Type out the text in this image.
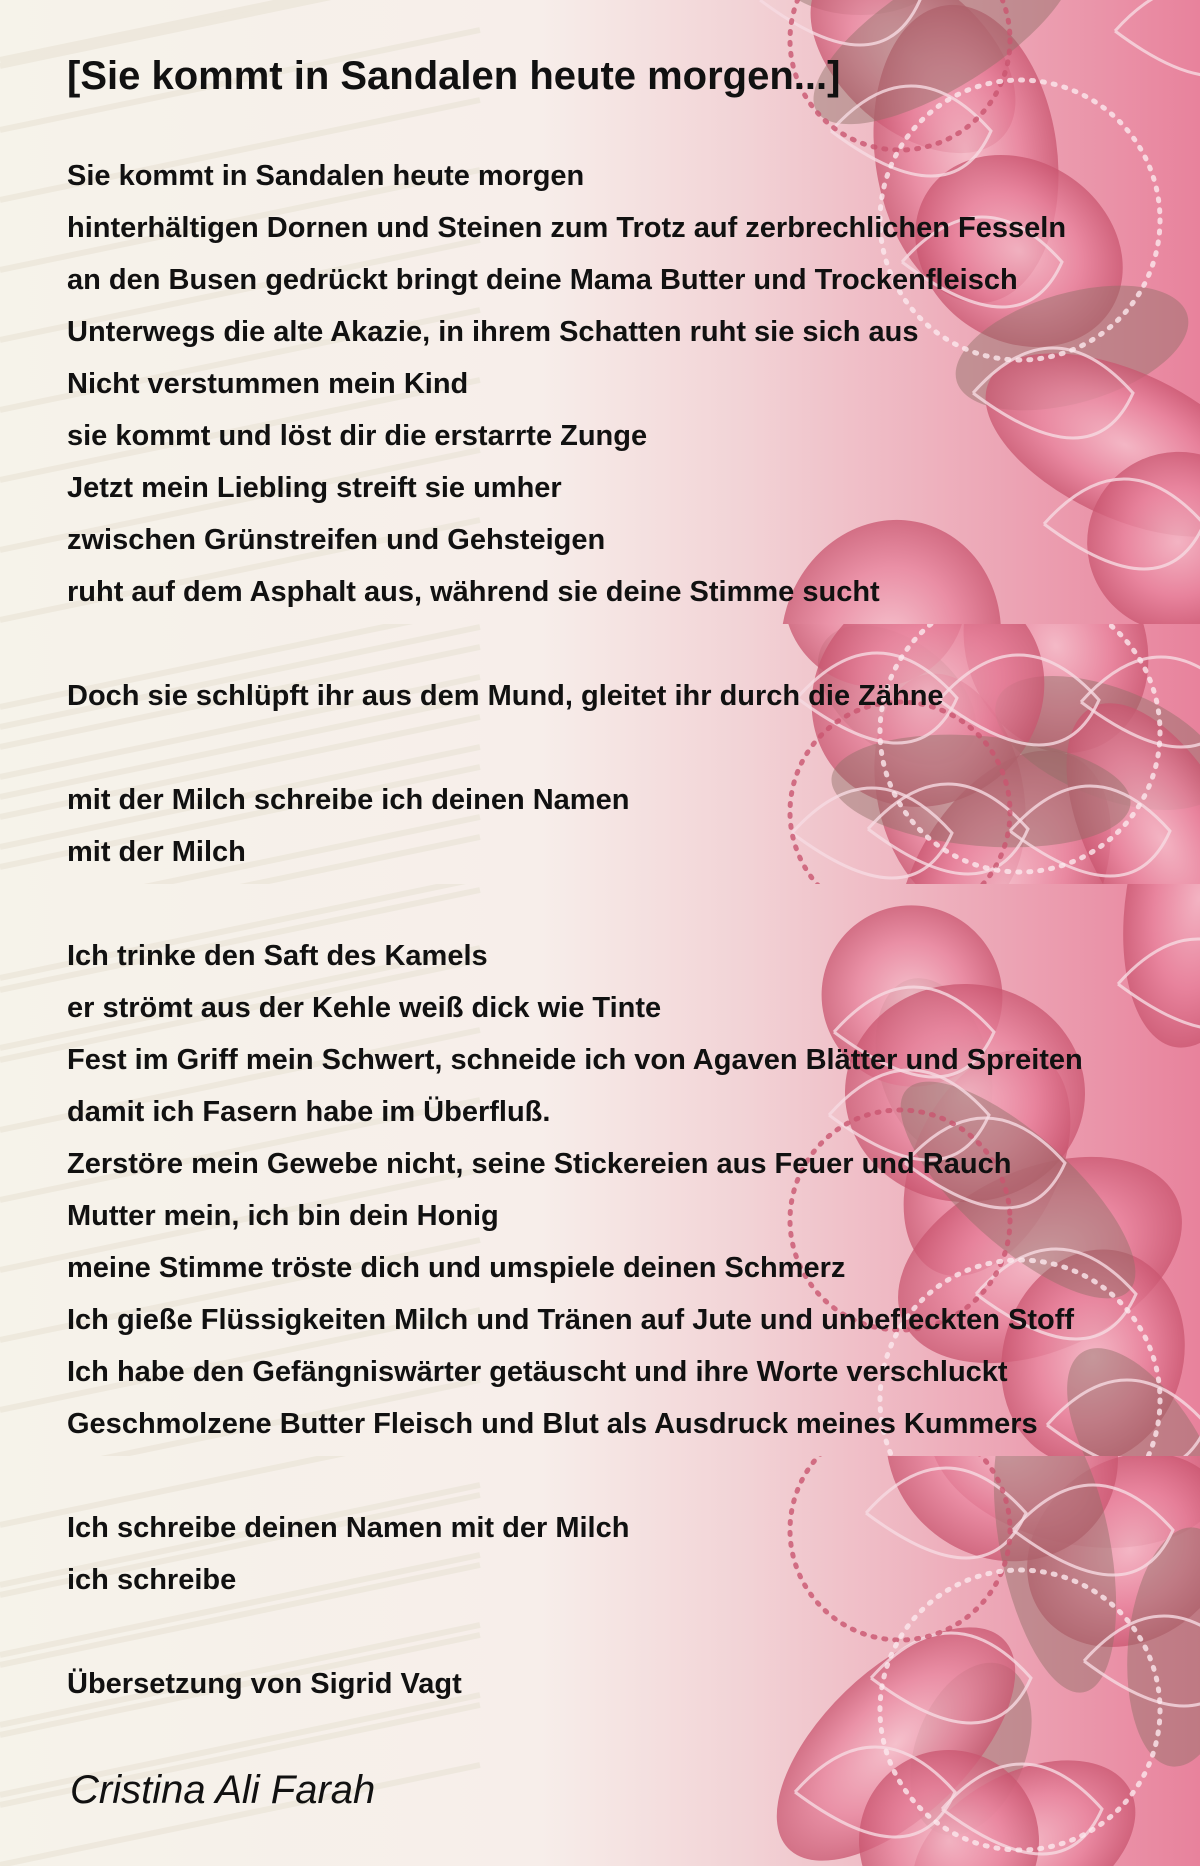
[Sie kommt in Sandalen heute morgen...]
Sie kommt in Sandalen heute morgen
hinterhältigen Dornen und Steinen zum Trotz auf zerbrechlichen Fesseln
an den Busen gedrückt bringt deine Mama Butter und Trockenfleisch
Unterwegs die alte Akazie, in ihrem Schatten ruht sie sich aus
Nicht verstummen mein Kind
sie kommt und löst dir die erstarrte Zunge
Jetzt mein Liebling streift sie umher
zwischen Grünstreifen und Gehsteigen
ruht auf dem Asphalt aus, während sie deine Stimme sucht
Doch sie schlüpft ihr aus dem Mund, gleitet ihr durch die Zähne
mit der Milch schreibe ich deinen Namen
mit der Milch
Ich trinke den Saft des Kamels
er strömt aus der Kehle weiß dick wie Tinte
Fest im Griff mein Schwert, schneide ich von Agaven Blätter und Spreiten
damit ich Fasern habe im Überfluß.
Zerstöre mein Gewebe nicht, seine Stickereien aus Feuer und Rauch
Mutter mein, ich bin dein Honig
meine Stimme tröste dich und umspiele deinen Schmerz
Ich gieße Flüssigkeiten Milch und Tränen auf Jute und unbefleckten Stoff
Ich habe den Gefängniswärter getäuscht und ihre Worte verschluckt
Geschmolzene Butter Fleisch und Blut als Ausdruck meines Kummers
Ich schreibe deinen Namen mit der Milch
ich schreibe
Übersetzung von Sigrid Vagt
Cristina Ali Farah
